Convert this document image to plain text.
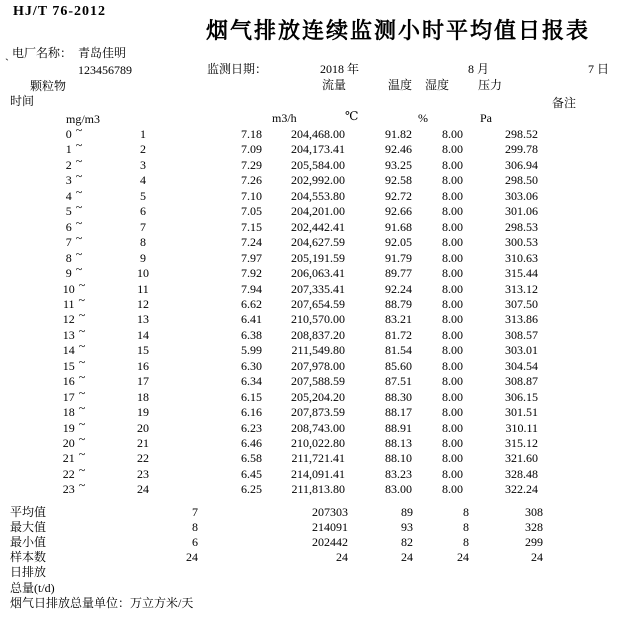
HJ/T 76-2012
烟气排放连续监测小时平均值日报表
电厂名称： 青岛佳明
`	123456789	监测日期：	2018 年	8 月	7 日
颗粒物	流量	温度 湿度 压力
时间	备注
mg/m3	m3/h	℃	%	Pa
0 ~	1	7.18	204,468.00	91.82	8.00	298.52
1 ~	2	7.09	204,173.41	92.46	8.00	299.78
2 ~	3	7.29	205,584.00	93.25	8.00	306.94
3 ~	4	7.26	202,992.00	92.58	8.00	298.50
4 ~	5	7.10	204,553.80	92.72	8.00	303.06
5 ~	6	7.05	204,201.00	92.66	8.00	301.06
6 ~	7	7.15	202,442.41	91.68	8.00	298.53
7 ~	8	7.24	204,627.59	92.05	8.00	300.53
8 ~	9	7.97	205,191.59	91.79	8.00	310.63
9 ~	10	7.92	206,063.41	89.77	8.00	315.44
10 ~	11	7.94	207,335.41	92.24	8.00	313.12
11 ~	12	6.62	207,654.59	88.79	8.00	307.50
12 ~	13	6.41	210,570.00	83.21	8.00	313.86
13 ~	14	6.38	208,837.20	81.72	8.00	308.57
14 ~	15	5.99	211,549.80	81.54	8.00	303.01
15 ~	16	6.30	207,978.00	85.60	8.00	304.54
16 ~	17	6.34	207,588.59	87.51	8.00	308.87
17 ~	18	6.15	205,204.20	88.30	8.00	306.15
18 ~	19	6.16	207,873.59	88.17	8.00	301.51
19 ~	20	6.23	208,743.00	88.91	8.00	310.11
20 ~	21	6.46	210,022.80	88.13	8.00	315.12
21 ~	22	6.58	211,721.41	88.10	8.00	321.60
22 ~	23	6.45	214,091.41	83.23	8.00	328.48
23 ~	24	6.25	211,813.80	83.00	8.00	322.24
平均值	7	207303	89	8	308
最大值	8	214091	93	8	328
最小值	6	202442	82	8	299
样本数	24	24	24	24	24
日排放
总量(t/d)
烟气日排放总量单位：万立方米/天
